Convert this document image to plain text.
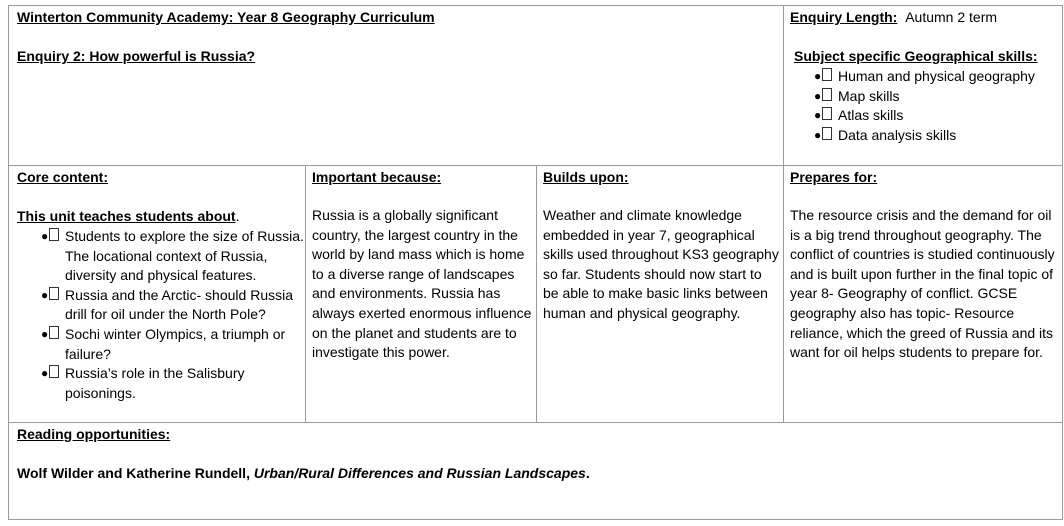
Winterton Community Academy: Year 8 Geography Curriculum
Enquiry 2: How powerful is Russia?
Enquiry Length: Autumn 2 term
Subject specific Geographical skills:
●	Human and physical geography
●	Map skills
●	Atlas skills
●	Data analysis skills
Core content:
This unit teaches students about.
●	Students to explore the size of Russia. The locational context of Russia, diversity and physical features.
●	Russia and the Arctic- should Russia drill for oil under the North Pole?
●	Sochi winter Olympics, a triumph or failure?
●	Russia’s role in the Salisbury poisonings.
Important because:
Russia is a globally significant country, the largest country in the world by land mass which is home to a diverse range of landscapes and environments. Russia has always exerted enormous influence on the planet and students are to investigate this power.
Builds upon:
Weather and climate knowledge embedded in year 7, geographical skills used throughout KS3 geography so far. Students should now start to be able to make basic links between human and physical geography.
Prepares for:
The resource crisis and the demand for oil is a big trend throughout geography. The conflict of countries is studied continuously and is built upon further in the final topic of year 8- Geography of conflict. GCSE geography also has topic- Resource reliance, which the greed of Russia and its want for oil helps students to prepare for.
Reading opportunities:
Wolf Wilder and Katherine Rundell, Urban/Rural Differences and Russian Landscapes.
